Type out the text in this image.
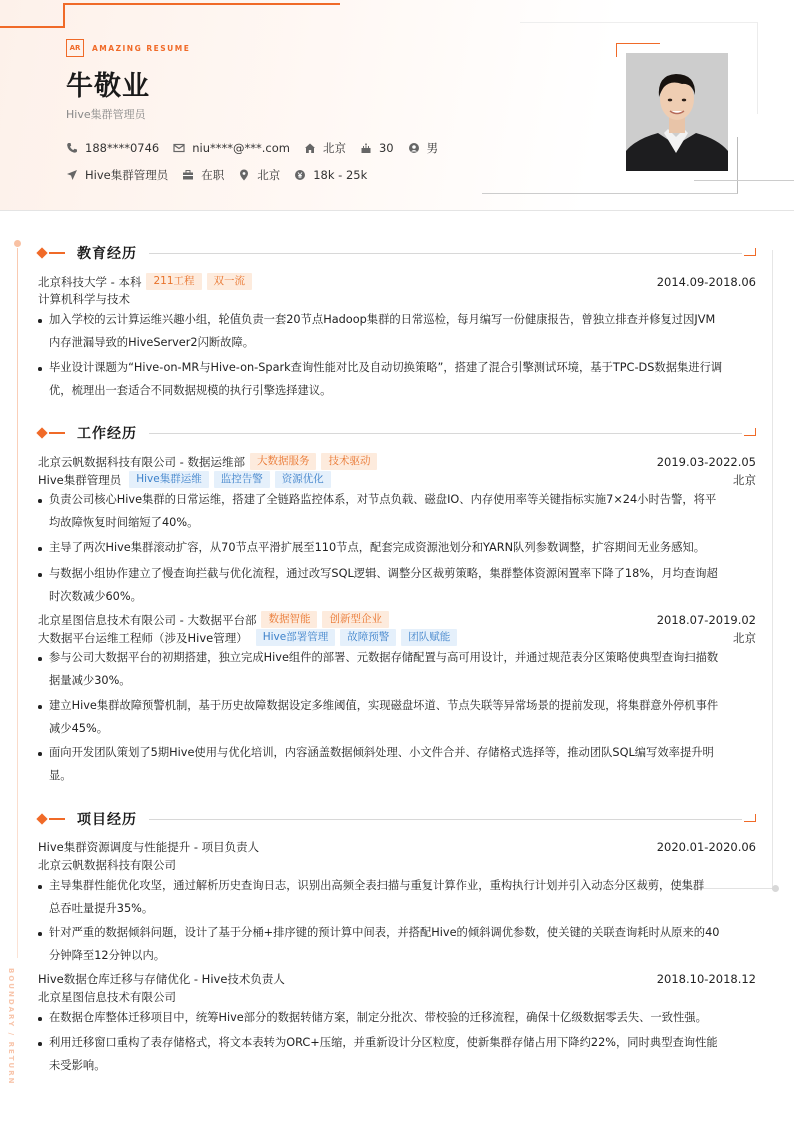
AR	AMAZING RESUME
牛敬业
Hive集群管理员
188****0746	niu****@***.com	北京	30	男
Hive集群管理员	在职	北京	18k - 25k
BOUNDARY / RETURN
教育经历
北京科技大学 - 本科	211工程	双一流	2014.09-2018.06
计算机科学与技术
加入学校的云计算运维兴趣小组，轮值负责一套20节点Hadoop集群的日常巡检，每月编写一份健康报告，曾独立排查并修复过因JVM
内存泄漏导致的HiveServer2闪断故障。
毕业设计课题为“Hive-on-MR与Hive-on-Spark查询性能对比及自动切换策略”，搭建了混合引擎测试环境，基于TPC-DS数据集进行调
优，梳理出一套适合不同数据规模的执行引擎选择建议。
工作经历
北京云帆数据科技有限公司 - 数据运维部	大数据服务	技术驱动	2019.03-2022.05
Hive集群管理员	Hive集群运维	监控告警	资源优化	北京
负责公司核心Hive集群的日常运维，搭建了全链路监控体系，对节点负载、磁盘IO、内存使用率等关键指标实施7×24小时告警，将平
均故障恢复时间缩短了40%。
主导了两次Hive集群滚动扩容，从70节点平滑扩展至110节点，配套完成资源池划分和YARN队列参数调整，扩容期间无业务感知。
与数据小组协作建立了慢查询拦截与优化流程，通过改写SQL逻辑、调整分区裁剪策略，集群整体资源闲置率下降了18%，月均查询超
时次数减少60%。
北京星图信息技术有限公司 - 大数据平台部	数据智能	创新型企业	2018.07-2019.02
大数据平台运维工程师（涉及Hive管理）	Hive部署管理	故障预警	团队赋能	北京
参与公司大数据平台的初期搭建，独立完成Hive组件的部署、元数据存储配置与高可用设计，并通过规范表分区策略使典型查询扫描数
据量减少30%。
建立Hive集群故障预警机制，基于历史故障数据设定多维阈值，实现磁盘坏道、节点失联等异常场景的提前发现，将集群意外停机事件
减少45%。
面向开发团队策划了5期Hive使用与优化培训，内容涵盖数据倾斜处理、小文件合并、存储格式选择等，推动团队SQL编写效率提升明
显。
项目经历
Hive集群资源调度与性能提升 - 项目负责人	2020.01-2020.06
北京云帆数据科技有限公司
主导集群性能优化攻坚，通过解析历史查询日志，识别出高频全表扫描与重复计算作业，重构执行计划并引入动态分区裁剪，使集群
总吞吐量提升35%。
针对严重的数据倾斜问题，设计了基于分桶+排序键的预计算中间表，并搭配Hive的倾斜调优参数，使关键的关联查询耗时从原来的40
分钟降至12分钟以内。
Hive数据仓库迁移与存储优化 - Hive技术负责人	2018.10-2018.12
北京星图信息技术有限公司
在数据仓库整体迁移项目中，统筹Hive部分的数据转储方案，制定分批次、带校验的迁移流程，确保十亿级数据零丢失、一致性强。
利用迁移窗口重构了表存储格式，将文本表转为ORC+压缩，并重新设计分区粒度，使新集群存储占用下降约22%，同时典型查询性能
未受影响。
